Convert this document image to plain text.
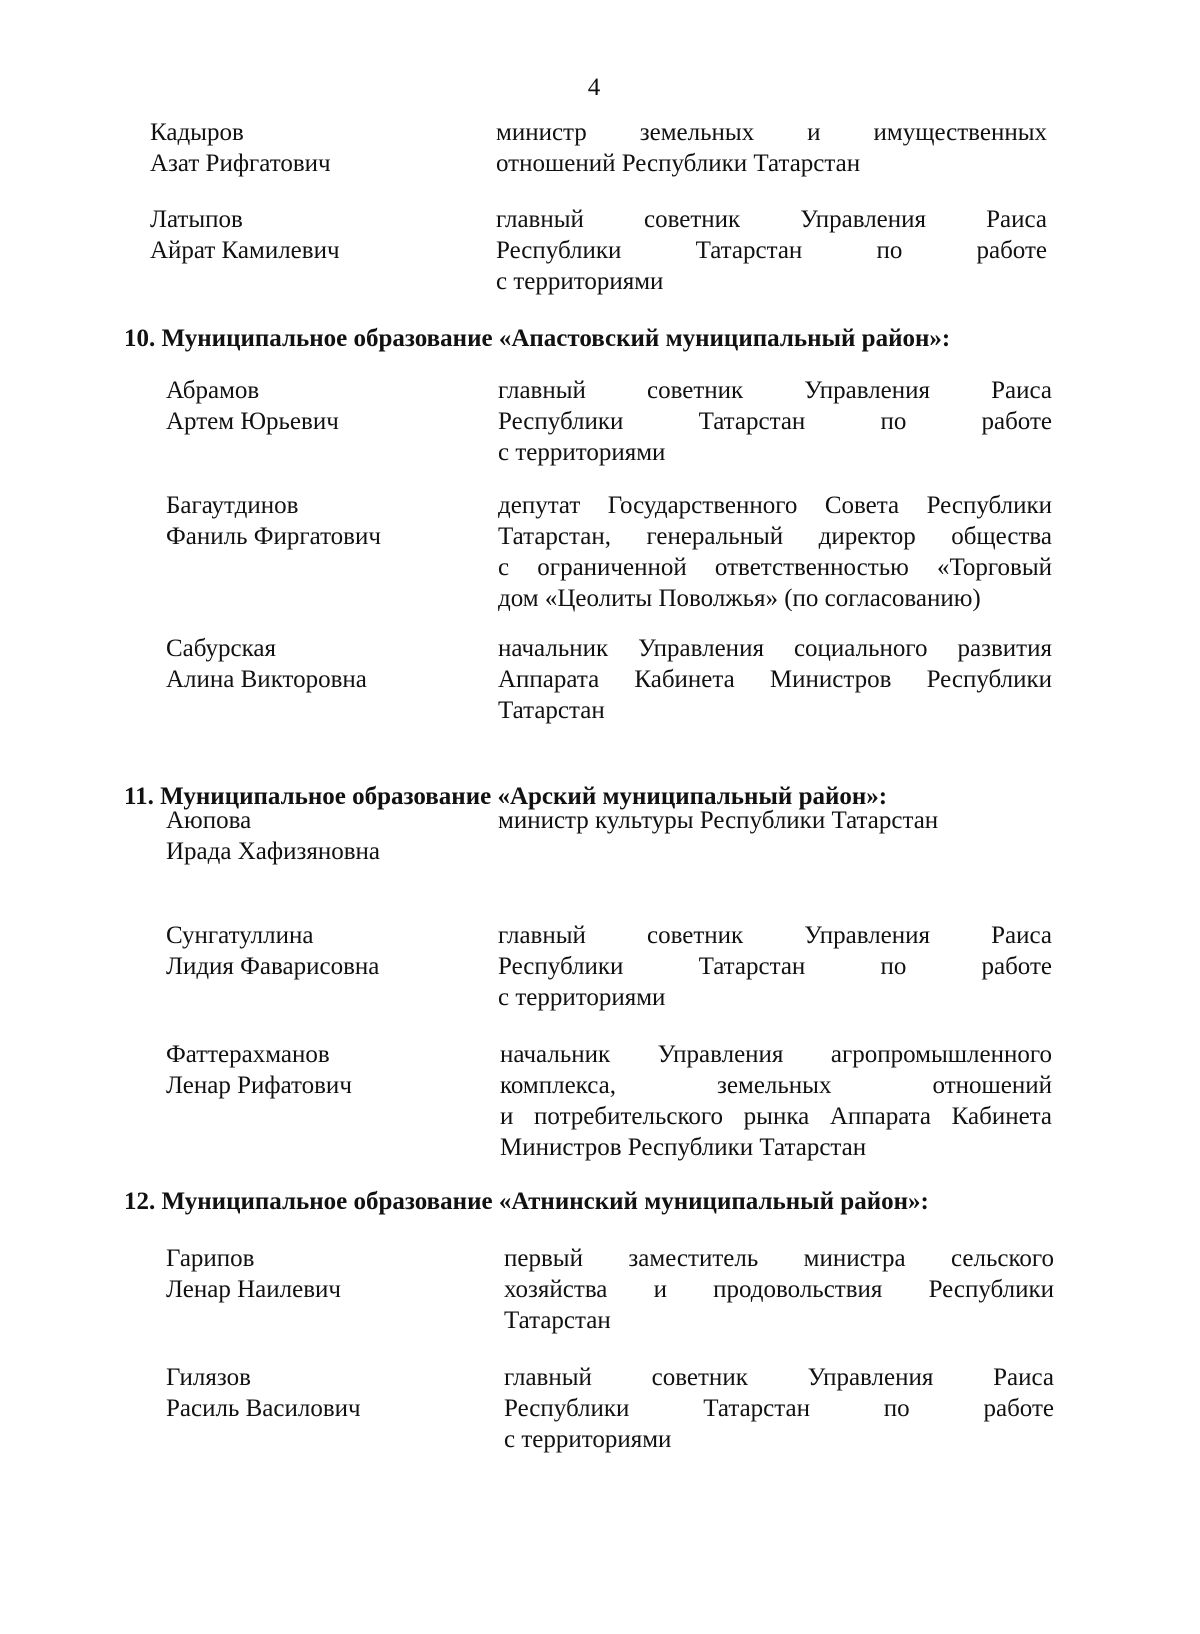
4
Кадыров
Азат Рифгатович
министр земельных и имущественных
отношений Республики Татарстан
Латыпов
Айрат Камилевич
главный советник Управления Раиса
Республики Татарстан по работе
с территориями
10. Муниципальное образование «Апастовский муниципальный район»:
Абрамов
Артем Юрьевич
главный советник Управления Раиса
Республики Татарстан по работе
с территориями
Багаутдинов
Фаниль Фиргатович
депутат Государственного Совета Республики
Татарстан, генеральный директор общества
с ограниченной ответственностью «Торговый
дом «Цеолиты Поволжья» (по согласованию)
Сабурская
Алина Викторовна
начальник Управления социального развития
Аппарата Кабинета Министров Республики
Татарстан
11. Муниципальное образование «Арский муниципальный район»:
Аюпова
Ирада Хафизяновна
министр культуры Республики Татарстан
Сунгатуллина
Лидия Фаварисовна
главный советник Управления Раиса
Республики Татарстан по работе
с территориями
Фаттерахманов
Ленар Рифатович
начальник Управления агропромышленного
комплекса, земельных отношений
и потребительского рынка Аппарата Кабинета
Министров Республики Татарстан
12. Муниципальное образование «Атнинский муниципальный район»:
Гарипов
Ленар Наилевич
первый заместитель министра сельского
хозяйства и продовольствия Республики
Татарстан
Гилязов
Расиль Василович
главный советник Управления Раиса
Республики Татарстан по работе
с территориями
